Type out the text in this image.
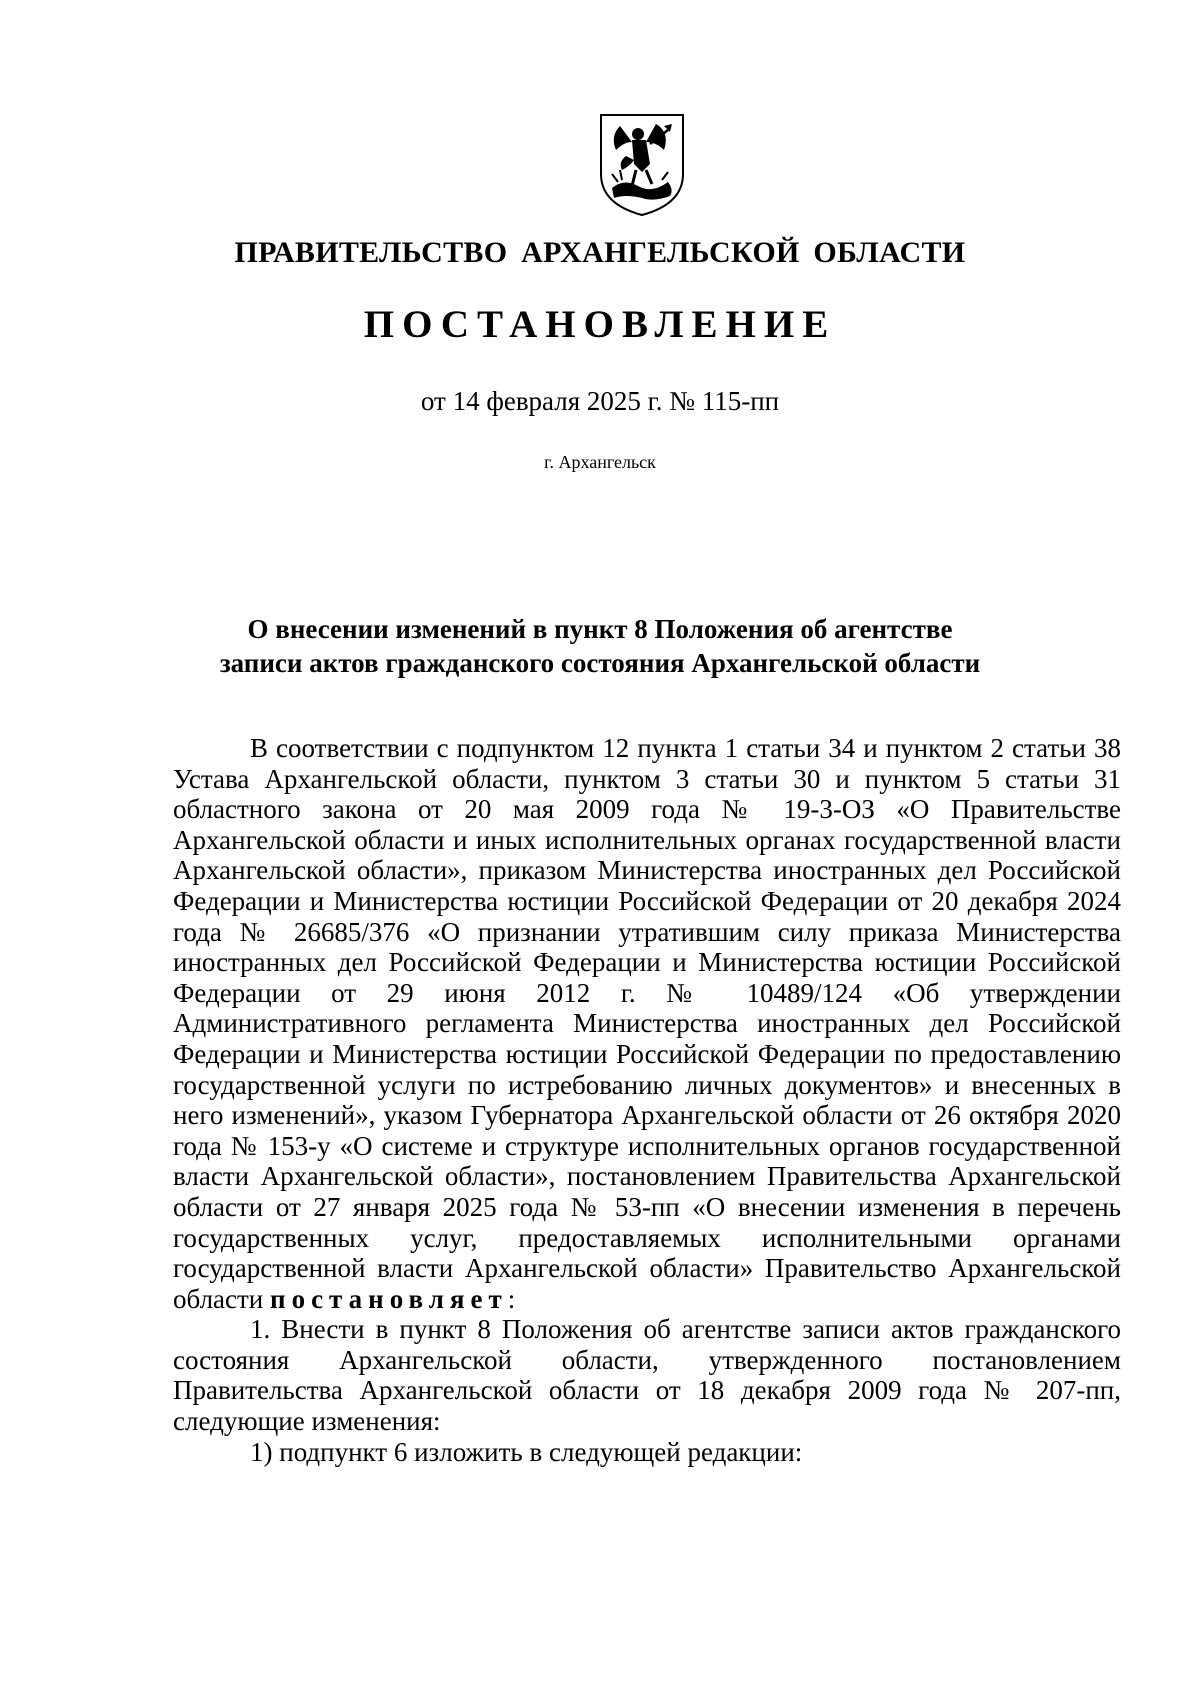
ПРАВИТЕЛЬСТВО АРХАНГЕЛЬСКОЙ ОБЛАСТИ
ПОСТАНОВЛЕНИЕ

от 14 февраля 2025 г. № 115-пп

г. Архангельск

О внесении изменений в пункт 8 Положения об агентстве
записи актов гражданского состояния Архангельской области

В соответствии с подпунктом 12 пункта 1 статьи 34 и пунктом 2 статьи 38 Устава Архангельской области, пунктом 3 статьи 30 и пунктом 5 статьи 31 областного закона от 20 мая 2009 года № 19-3-ОЗ «О Правительстве Архангельской области и иных исполнительных органах государственной власти Архангельской области», приказом Министерства иностранных дел Российской Федерации и Министерства юстиции Российской Федерации от 20 декабря 2024 года № 26685/376 «О признании утратившим силу приказа Министерства иностранных дел Российской Федерации и Министерства юстиции Российской Федерации от 29 июня 2012 г. № 10489/124 «Об утверждении Административного регламента Министерства иностранных дел Российской Федерации и Министерства юстиции Российской Федерации по предоставлению государственной услуги по истребованию личных документов» и внесенных в него изменений», указом Губернатора Архангельской области от 26 октября 2020 года № 153-у «О системе и структуре исполнительных органов государственной власти Архангельской области», постановлением Правительства Архангельской области от 27 января 2025 года № 53-пп «О внесении изменения в перечень государственных услуг, предоставляемых исполнительными органами государственной власти Архангельской области» Правительство Архангельской области постановляет:

1. Внести в пункт 8 Положения об агентстве записи актов гражданского состояния Архангельской области, утвержденного постановлением Правительства Архангельской области от 18 декабря 2009 года № 207-пп, следующие изменения:

1) подпункт 6 изложить в следующей редакции:
